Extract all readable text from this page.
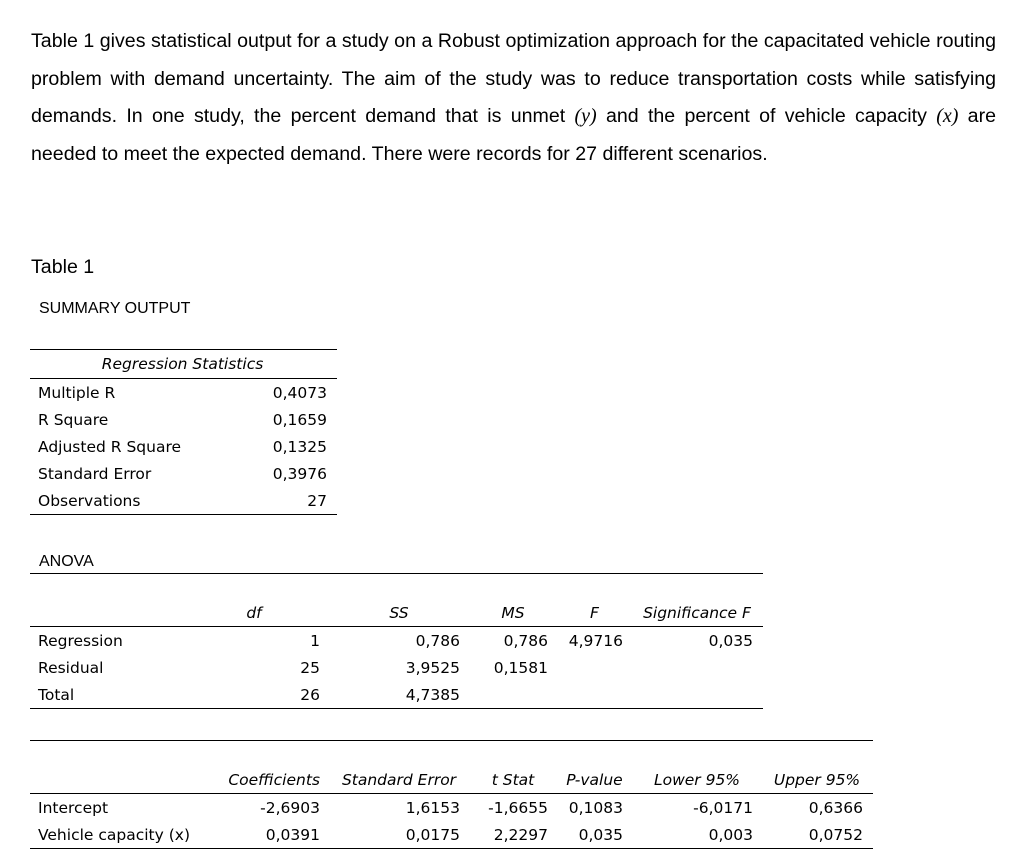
Table 1 gives statistical output for a study on a Robust optimization approach for the capacitated vehicle routing problem with demand uncertainty. The aim of the study was to reduce transportation costs while satisfying demands. In one study, the percent demand that is unmet (y) and the percent of vehicle capacity (x) are needed to meet the expected demand. There were records for 27 different scenarios.

Table 1

SUMMARY OUTPUT

Regression Statistics	
Multiple R	0,4073
R Square	0,1659
Adjusted R Square	0,1325
Standard Error	0,3976
Observations	27

ANOVA

	df	SS	MS	F	Significance F
Regression	1	0,786	0,786	4,9716	0,035
Residual	25	3,9525	0,1581		
Total	26	4,7385			
	Coefficients	Standard Error	t Stat	P-value	Lower 95%	Upper 95%
Intercept	-2,6903	1,6153	-1,6655	0,1083	-6,0171	0,6366
Vehicle capacity (x)	0,0391	0,0175	2,2297	0,035	0,003	0,0752
